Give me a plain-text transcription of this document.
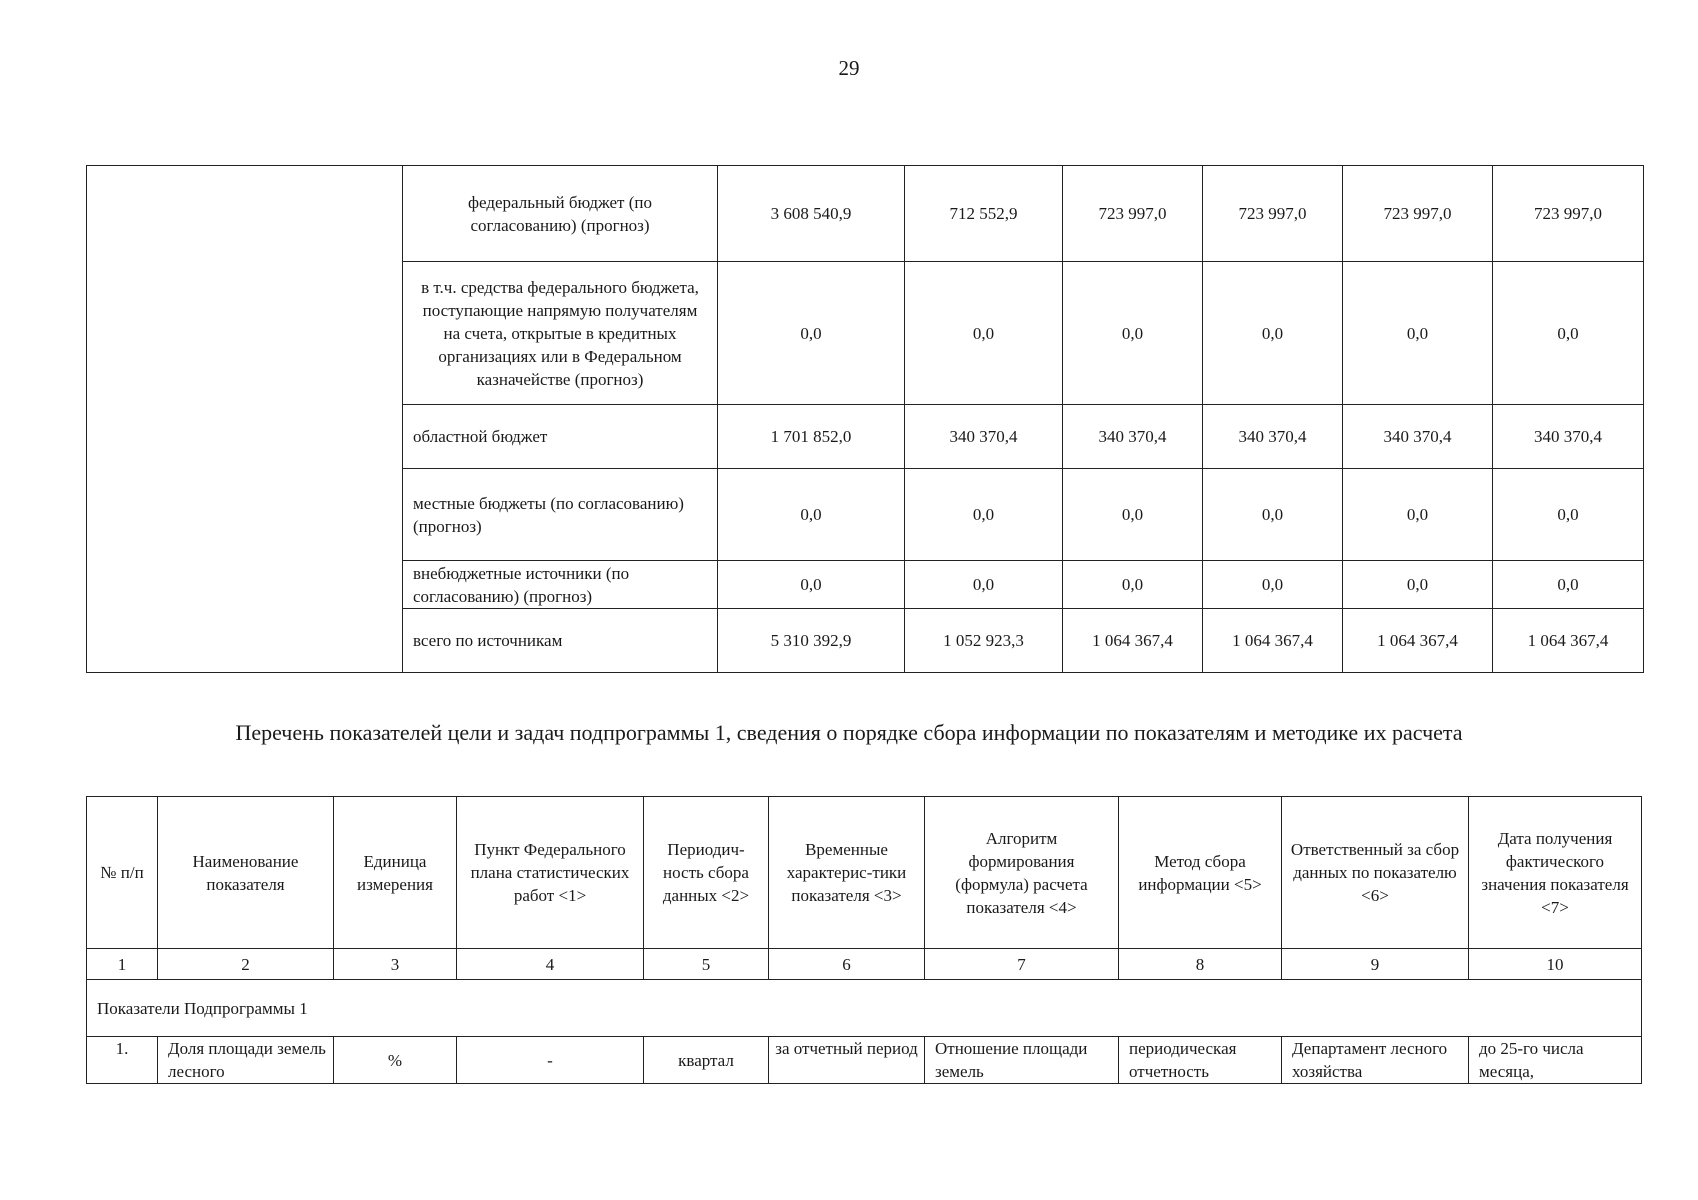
29
	федеральный бюджет (по согласованию) (прогноз)	3 608 540,9	712 552,9	723 997,0	723 997,0	723 997,0	723 997,0
	в т.ч. средства федерального бюджета, поступающие напрямую получателям на счета, открытые в кредитных организациях или в Федеральном казначействе (прогноз)	0,0	0,0	0,0	0,0	0,0	0,0
	областной бюджет	1 701 852,0	340 370,4	340 370,4	340 370,4	340 370,4	340 370,4
	местные бюджеты (по согласованию) (прогноз)	0,0	0,0	0,0	0,0	0,0	0,0
	внебюджетные источники (по согласованию) (прогноз)	0,0	0,0	0,0	0,0	0,0	0,0
	всего по источникам	5 310 392,9	1 052 923,3	1 064 367,4	1 064 367,4	1 064 367,4	1 064 367,4
Перечень показателей цели и задач подпрограммы 1, сведения о порядке сбора информации по показателям и методике их расчета
№ п/п	Наименование показателя	Единица измерения	Пункт Федерального плана статистических работ <1>	Периодич-ность сбора данных <2>	Временные характерис-тики показателя <3>	Алгоритм формирования (формула) расчета показателя <4>	Метод сбора информации <5>	Ответственный за сбор данных по показателю <6>	Дата получения фактического значения показателя <7>
1	2	3	4	5	6	7	8	9	10
Показатели Подпрограммы 1									
1.	Доля площади земель лесного	%	-	квартал	за отчетный период	Отношение площади земель	периодическая отчетность	Департамент лесного хозяйства	до 25-го числа месяца,
